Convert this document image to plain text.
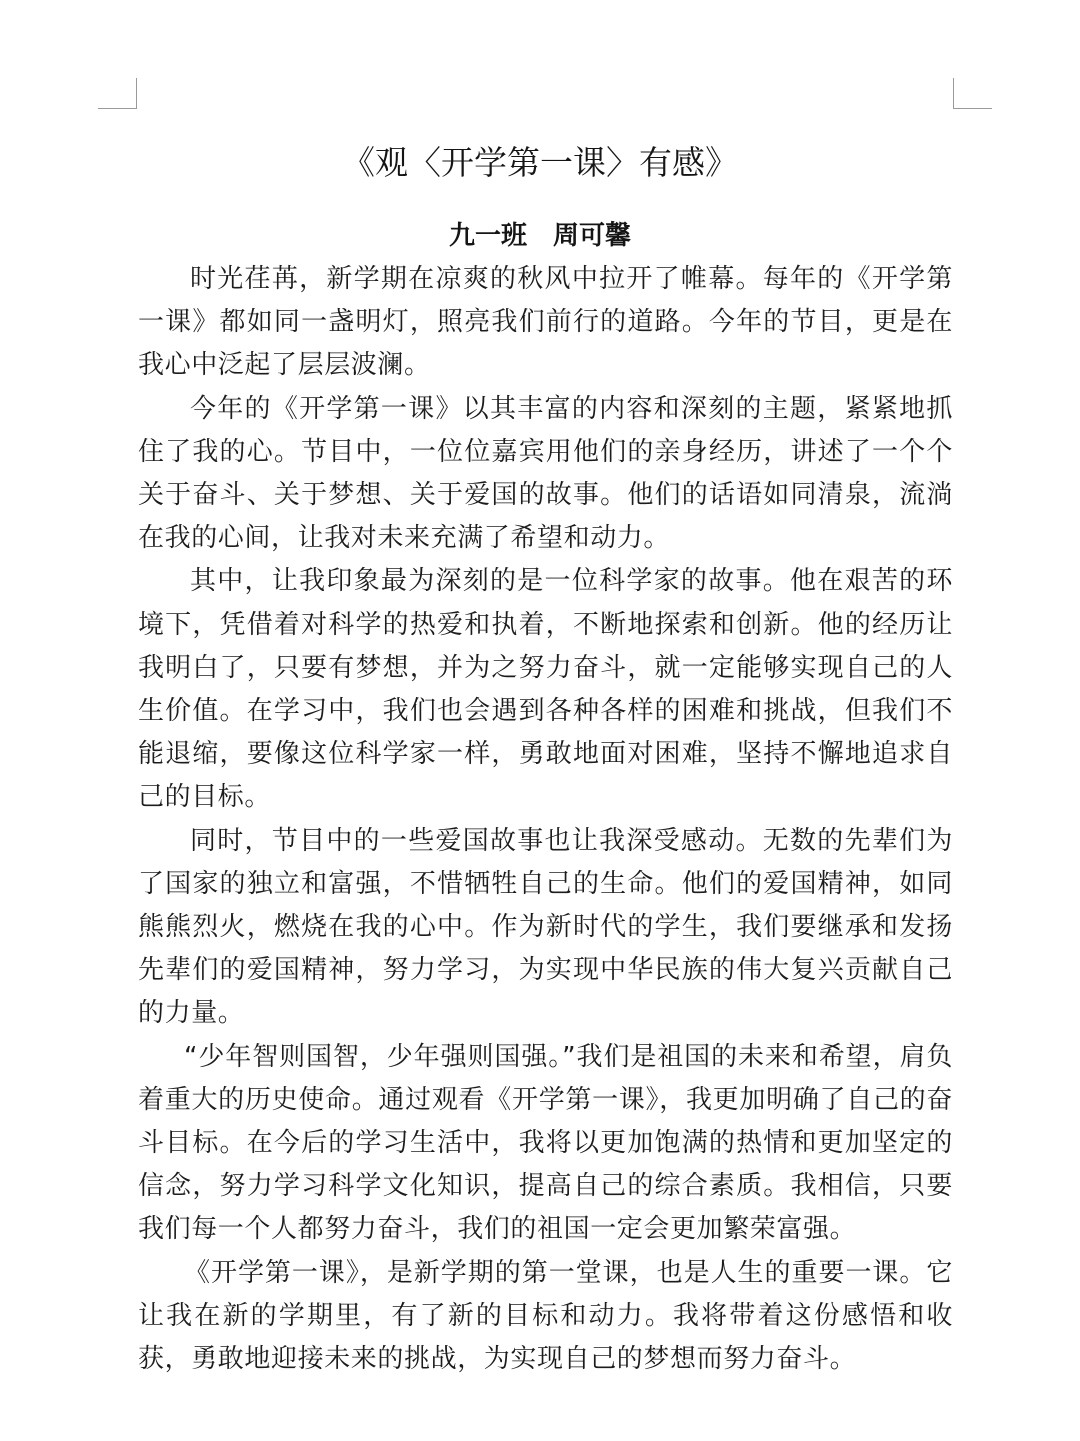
《观〈开学第一课〉有感》

九一班 周可馨

时光荏苒，新学期在凉爽的秋风中拉开了帷幕。每年的《开学第一课》都如同一盏明灯，照亮我们前行的道路。今年的节目，更是在我心中泛起了层层波澜。

今年的《开学第一课》以其丰富的内容和深刻的主题，紧紧地抓住了我的心。节目中，一位位嘉宾用他们的亲身经历，讲述了一个个关于奋斗、关于梦想、关于爱国的故事。他们的话语如同清泉，流淌在我的心间，让我对未来充满了希望和动力。

其中，让我印象最为深刻的是一位科学家的故事。他在艰苦的环境下，凭借着对科学的热爱和执着，不断地探索和创新。他的经历让我明白了，只要有梦想，并为之努力奋斗，就一定能够实现自己的人生价值。在学习中，我们也会遇到各种各样的困难和挑战，但我们不能退缩，要像这位科学家一样，勇敢地面对困难，坚持不懈地追求自己的目标。

同时，节目中的一些爱国故事也让我深受感动。无数的先辈们为了国家的独立和富强，不惜牺牲自己的生命。他们的爱国精神，如同熊熊烈火，燃烧在我的心中。作为新时代的学生，我们要继承和发扬先辈们的爱国精神，努力学习，为实现中华民族的伟大复兴贡献自己的力量。

“少年智则国智，少年强则国强。”我们是祖国的未来和希望，肩负着重大的历史使命。通过观看《开学第一课》，我更加明确了自己的奋斗目标。在今后的学习生活中，我将以更加饱满的热情和更加坚定的信念，努力学习科学文化知识，提高自己的综合素质。我相信，只要我们每一个人都努力奋斗，我们的祖国一定会更加繁荣富强。

《开学第一课》，是新学期的第一堂课，也是人生的重要一课。它让我在新的学期里，有了新的目标和动力。我将带着这份感悟和收获，勇敢地迎接未来的挑战，为实现自己的梦想而努力奋斗。
